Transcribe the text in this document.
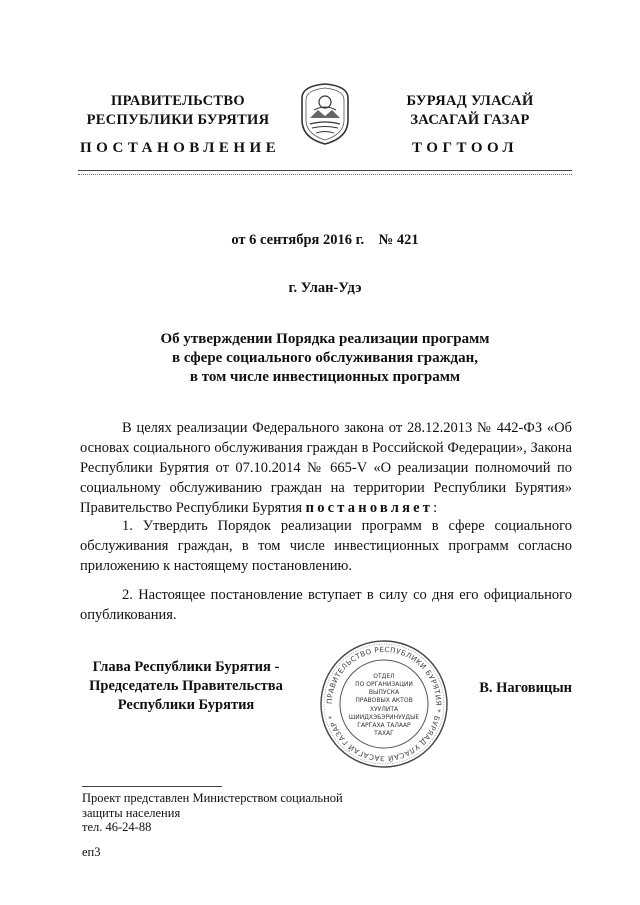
ПРАВИТЕЛЬСТВО
РЕСПУБЛИКИ БУРЯТИЯ
БУРЯАД УЛАСАЙ
ЗАСАГАЙ ГАЗАР
ПОСТАНОВЛЕНИЕ	ТОГТООЛ
от 6 сентября 2016 г.    № 421
г. Улан-Удэ
Об утверждении Порядка реализации программ
в сфере социального обслуживания граждан,
в том числе инвестиционных программ
В целях реализации Федерального закона от 28.12.2013 № 442-ФЗ «Об основах социального обслуживания граждан в Российской Федерации», Закона Республики Бурятия от 07.10.2014 № 665-V «О реализации полномочий по социальному обслуживанию граждан на территории Республики Бурятия» Правительство Республики Бурятия постановляет:
1. Утвердить Порядок реализации программ в сфере социального обслуживания граждан, в том числе инвестиционных программ согласно приложению к настоящему постановлению.
2. Настоящее постановление вступает в силу со дня его официального опубликования.
Глава Республики Бурятия -
Председатель Правительства
Республики Бурятия	ПРАВИТЕЛЬСТВО РЕСПУБЛИКИ БУРЯТИЯ * БУРЯАД УЛАСАЙ ЗАСАГАЙ ГАЗАР *
ОТДЕЛ
ПО ОРГАНИЗАЦИИ
ВЫПУСКА
ПРАВОВЫХ АКТОВ
ХУУЛИТА
ШИИДХЭБЭРИНУУДЫЕ
ГАРГАХА ТАЛААР
ТАХАГ
В. Наговицын
Проект представлен Министерством социальной
защиты населения
тел. 46-24-88
еп3
